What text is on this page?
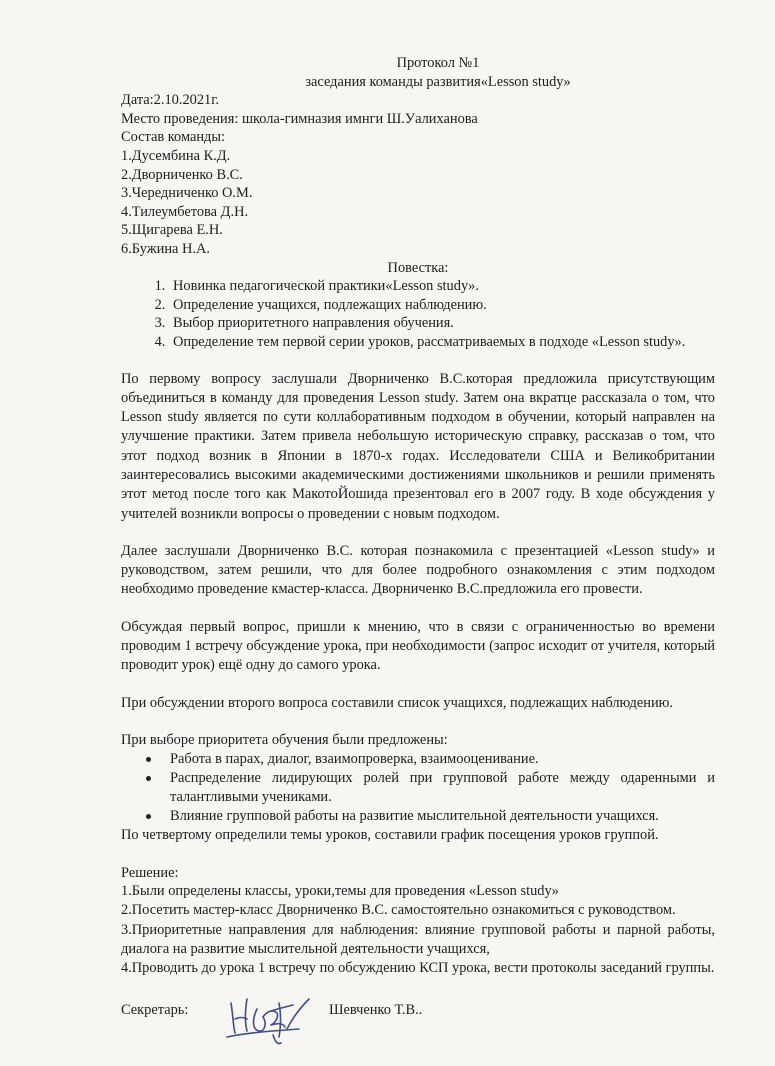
Протокол №1
заседания команды развития«Lesson study»
Дата:2.10.2021г.
Место проведения: школа-гимназия имнги Ш.Уалиханова
Состав команды:
1.Дусембина К.Д.
2.Дворниченко В.С.
3.Чередниченко О.М.
4.Тилеумбетова Д.Н.
5.Щигарева Е.Н.
6.Бужина Н.А.
Повестка:
1. Новинка педагогической практики«Lesson study».
2. Определение учащихся, подлежащих наблюдению.
3. Выбор приоритетного направления обучения.
4. Определение тем первой серии уроков, рассматриваемых в подходе «Lesson study».

По первому вопросу заслушали Дворниченко В.С.которая предложила присутствующим объединиться в команду для проведения Lesson study. Затем она вкратце рассказала о том, что Lesson study является по сути коллаборативным подходом в обучении, который направлен на улучшение практики. Затем привела небольшую историческую справку, рассказав о том, что этот подход возник в Японии в 1870-х годах. Исследователи США и Великобритании заинтересовались высокими академическими достижениями школьников и решили применять этот метод после того как МакотоЙошида презентовал его в 2007 году. В ходе обсуждения у учителей возникли вопросы о проведении с новым подходом.

Далее заслушали Дворниченко В.С. которая познакомила с презентацией «Lesson study» и руководством, затем решили, что для более подробного ознакомления с этим подходом необходимо проведение кмастер-класса. Дворниченко В.С.предложила его провести.

Обсуждая первый вопрос, пришли к мнению, что в связи с ограниченностью во времени проводим 1 встречу обсуждение урока, при необходимости (запрос исходит от учителя, который проводит урок) ещё одну до самого урока.

При обсуждении второго вопроса составили список учащихся, подлежащих наблюдению.

При выборе приоритета обучения были предложены:

Работа в парах, диалог, взаимопроверка, взаимооценивание.
Распределение лидирующих ролей при групповой работе между одаренными и талантливыми учениками.
Влияние групповой работы на развитие мыслительной деятельности учащихся.

По четвертому определили темы уроков, составили график посещения уроков группой.

Решение:

1.Были определены классы, уроки,темы для проведения «Lesson study»

2.Посетить мастер-класс Дворниченко В.С. самостоятельно ознакомиться с руководством.

3.Приоритетные направления для наблюдения: влияние групповой работы и парной работы, диалога на развитие мыслительной деятельности учащихся,

4.Проводить до урока 1 встречу по обсуждению КСП урока, вести протоколы заседаний группы.

Секретарь:	Шевченко Т.В..
